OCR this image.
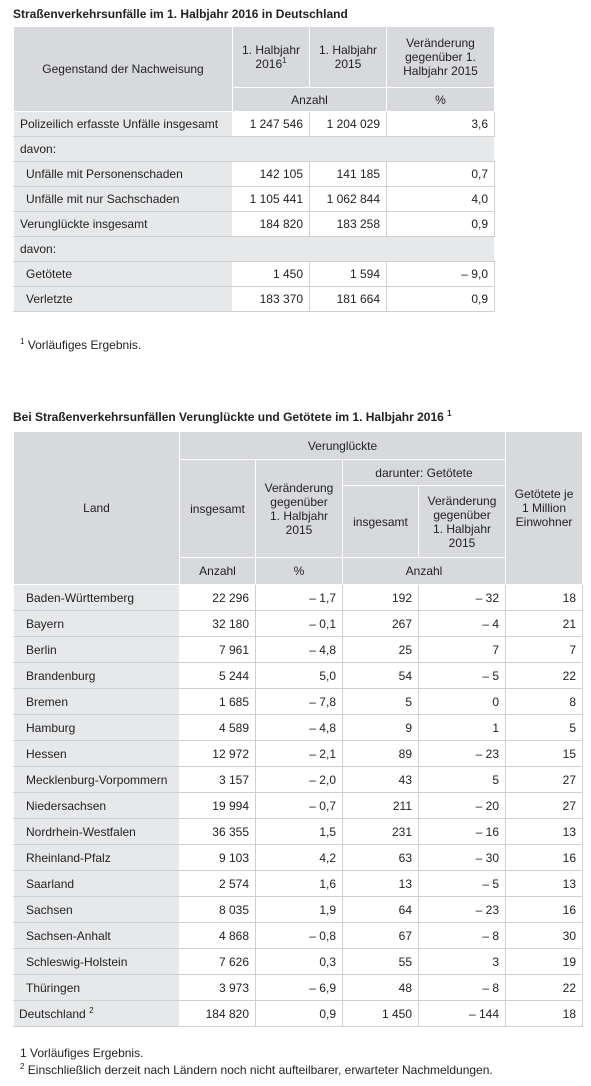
Straßenverkehrsunfälle im 1. Halbjahr 2016 in Deutschland
Gegenstand der Nachweisung	1. Halbjahr 2016$^1$	1. Halbjahr 2015	Veränderung gegenüber 1. Halbjahr 2015
	Anzahl		%
Polizeilich erfasste Unfälle insgesamt	1 247 546	1 204 029	3,6
davon:			
Unfälle mit Personenschaden	142 105	141 185	0,7
Unfälle mit nur Sachschaden	1 105 441	1 062 844	4,0
Verunglückte insgesamt	184 820	183 258	0,9
davon:			
Getötete	1 450	1 594	– 9,0
Verletzte	183 370	181 664	0,9
$^1$ Vorläufiges Ergebnis.
Bei Straßenverkehrsunfällen Verunglückte und Getötete im 1. Halbjahr 2016 $^1$
Land	Verunglückte				Getötete je 1 Million Einwohner
	insgesamt	Veränderung gegenüber 1. Halbjahr 2015	darunter: Getötete		
			insgesamt	Veränderung gegenüber 1. Halbjahr 2015	
	Anzahl	%	Anzahl		
Baden-Württemberg	22 296	– 1,7	192	– 32	18
Bayern	32 180	– 0,1	267	– 4	21
Berlin	7 961	– 4,8	25	7	7
Brandenburg	5 244	5,0	54	– 5	22
Bremen	1 685	– 7,8	5	0	8
Hamburg	4 589	– 4,8	9	1	5
Hessen	12 972	– 2,1	89	– 23	15
Mecklenburg-Vorpommern	3 157	– 2,0	43	5	27
Niedersachsen	19 994	– 0,7	211	– 20	27
Nordrhein-Westfalen	36 355	1,5	231	– 16	13
Rheinland-Pfalz	9 103	4,2	63	– 30	16
Saarland	2 574	1,6	13	– 5	13
Sachsen	8 035	1,9	64	– 23	16
Sachsen-Anhalt	4 868	– 0,8	67	– 8	30
Schleswig-Holstein	7 626	0,3	55	3	19
Thüringen	3 973	– 6,9	48	– 8	22
Deutschland $^2$	184 820	0,9	1 450	– 144	18
1 Vorläufiges Ergebnis.
$^2$ Einschließlich derzeit nach Ländern noch nicht aufteilbarer, erwarteter Nachmeldungen.
